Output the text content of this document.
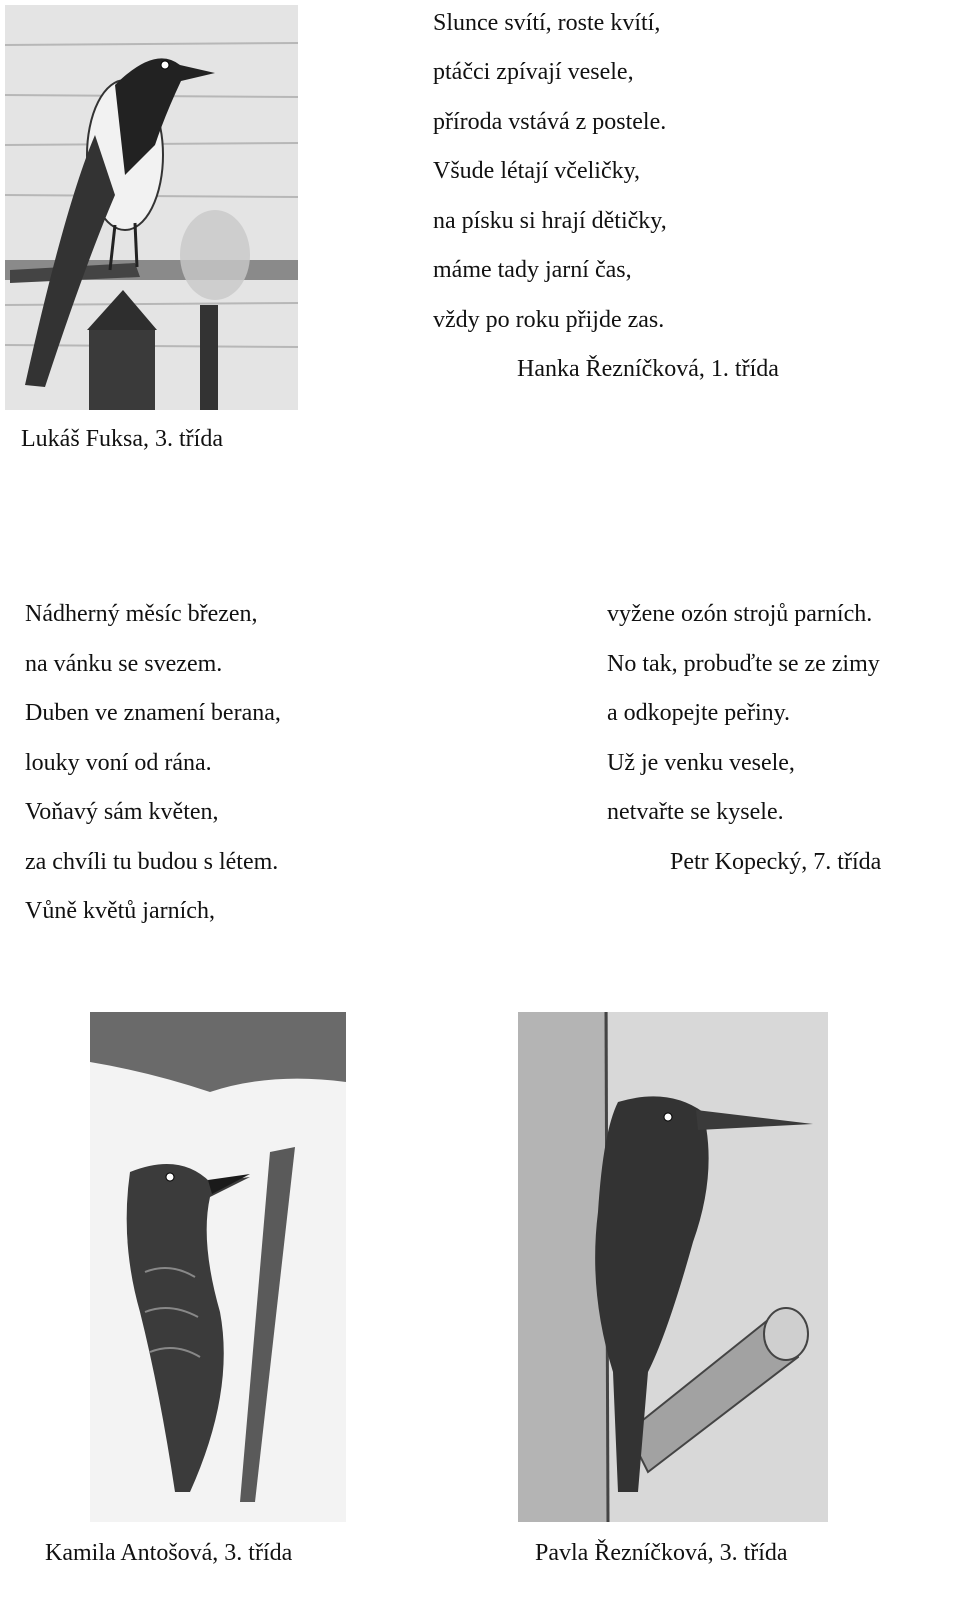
Lukáš Fuksa, 3. třída
Slunce svítí, roste kvítí,
ptáčci zpívají vesele,
příroda vstává z postele.
Všude létají včeličky,
na písku si hrají dětičky,
máme tady jarní čas,
vždy po roku přijde zas.
Hanka Řezníčková, 1. třída
Nádherný měsíc březen,
na vánku se svezem.
Duben ve znamení berana,
louky voní od rána.
Voňavý sám květen,
za chvíli tu budou s létem.
Vůně květů jarních,
vyžene ozón strojů parních.
No tak, probuďte se ze zimy
a odkopejte peřiny.
Už je venku vesele,
netvařte se kysele.
Petr Kopecký, 7. třída
Kamila Antošová, 3. třída	Pavla Řezníčková, 3. třída
